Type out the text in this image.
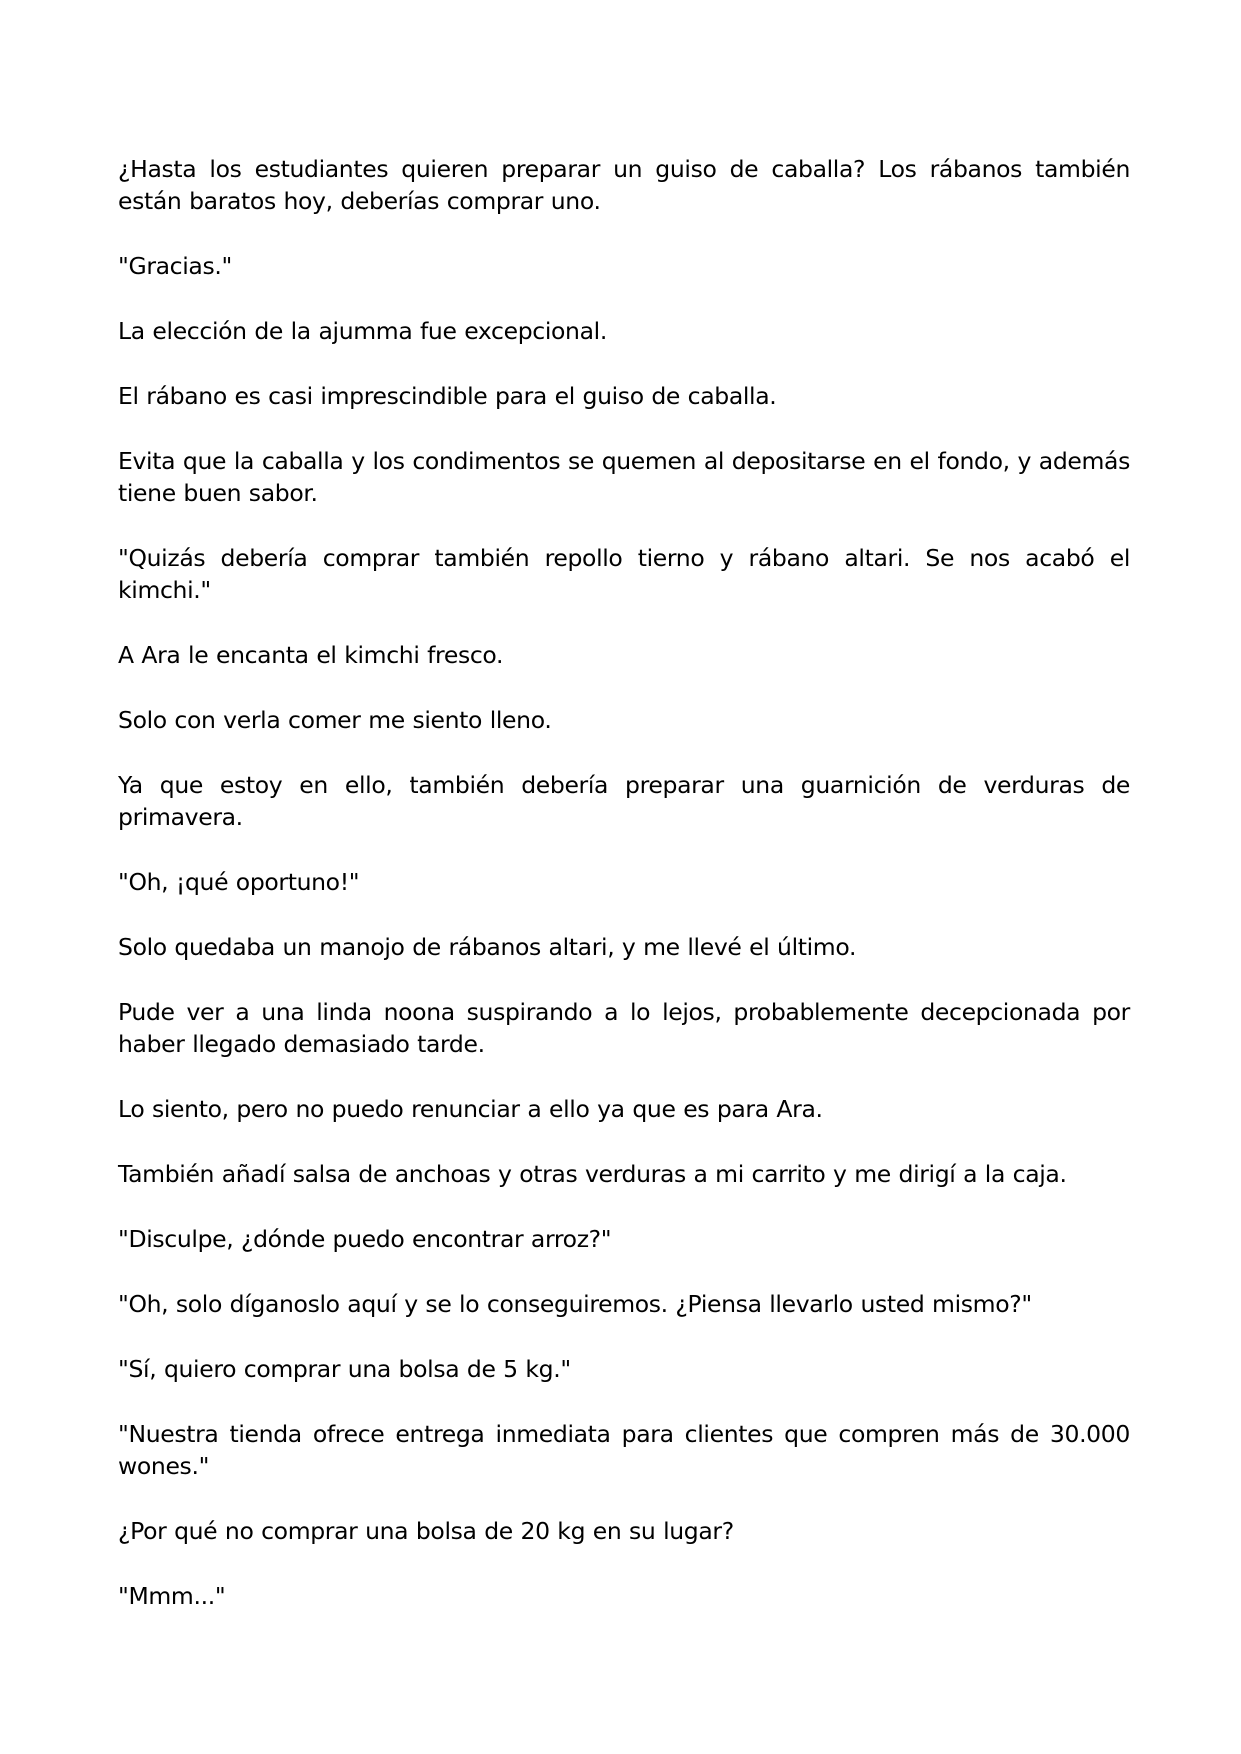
¿Hasta los estudiantes quieren preparar un guiso de caballa? Los rábanos también están baratos hoy, deberías comprar uno.

"Gracias."

La elección de la ajumma fue excepcional.

El rábano es casi imprescindible para el guiso de caballa.

Evita que la caballa y los condimentos se quemen al depositarse en el fondo, y además tiene buen sabor.

"Quizás debería comprar también repollo tierno y rábano altari. Se nos acabó el kimchi."

A Ara le encanta el kimchi fresco.

Solo con verla comer me siento lleno.

Ya que estoy en ello, también debería preparar una guarnición de verduras de primavera.

"Oh, ¡qué oportuno!"

Solo quedaba un manojo de rábanos altari, y me llevé el último.

Pude ver a una linda noona suspirando a lo lejos, probablemente decepcionada por haber llegado demasiado tarde.

Lo siento, pero no puedo renunciar a ello ya que es para Ara.

También añadí salsa de anchoas y otras verduras a mi carrito y me dirigí a la caja.

"Disculpe, ¿dónde puedo encontrar arroz?"

"Oh, solo díganoslo aquí y se lo conseguiremos. ¿Piensa llevarlo usted mismo?"

"Sí, quiero comprar una bolsa de 5 kg."

"Nuestra tienda ofrece entrega inmediata para clientes que compren más de 30.000 wones."

¿Por qué no comprar una bolsa de 20 kg en su lugar?

"Mmm..."
